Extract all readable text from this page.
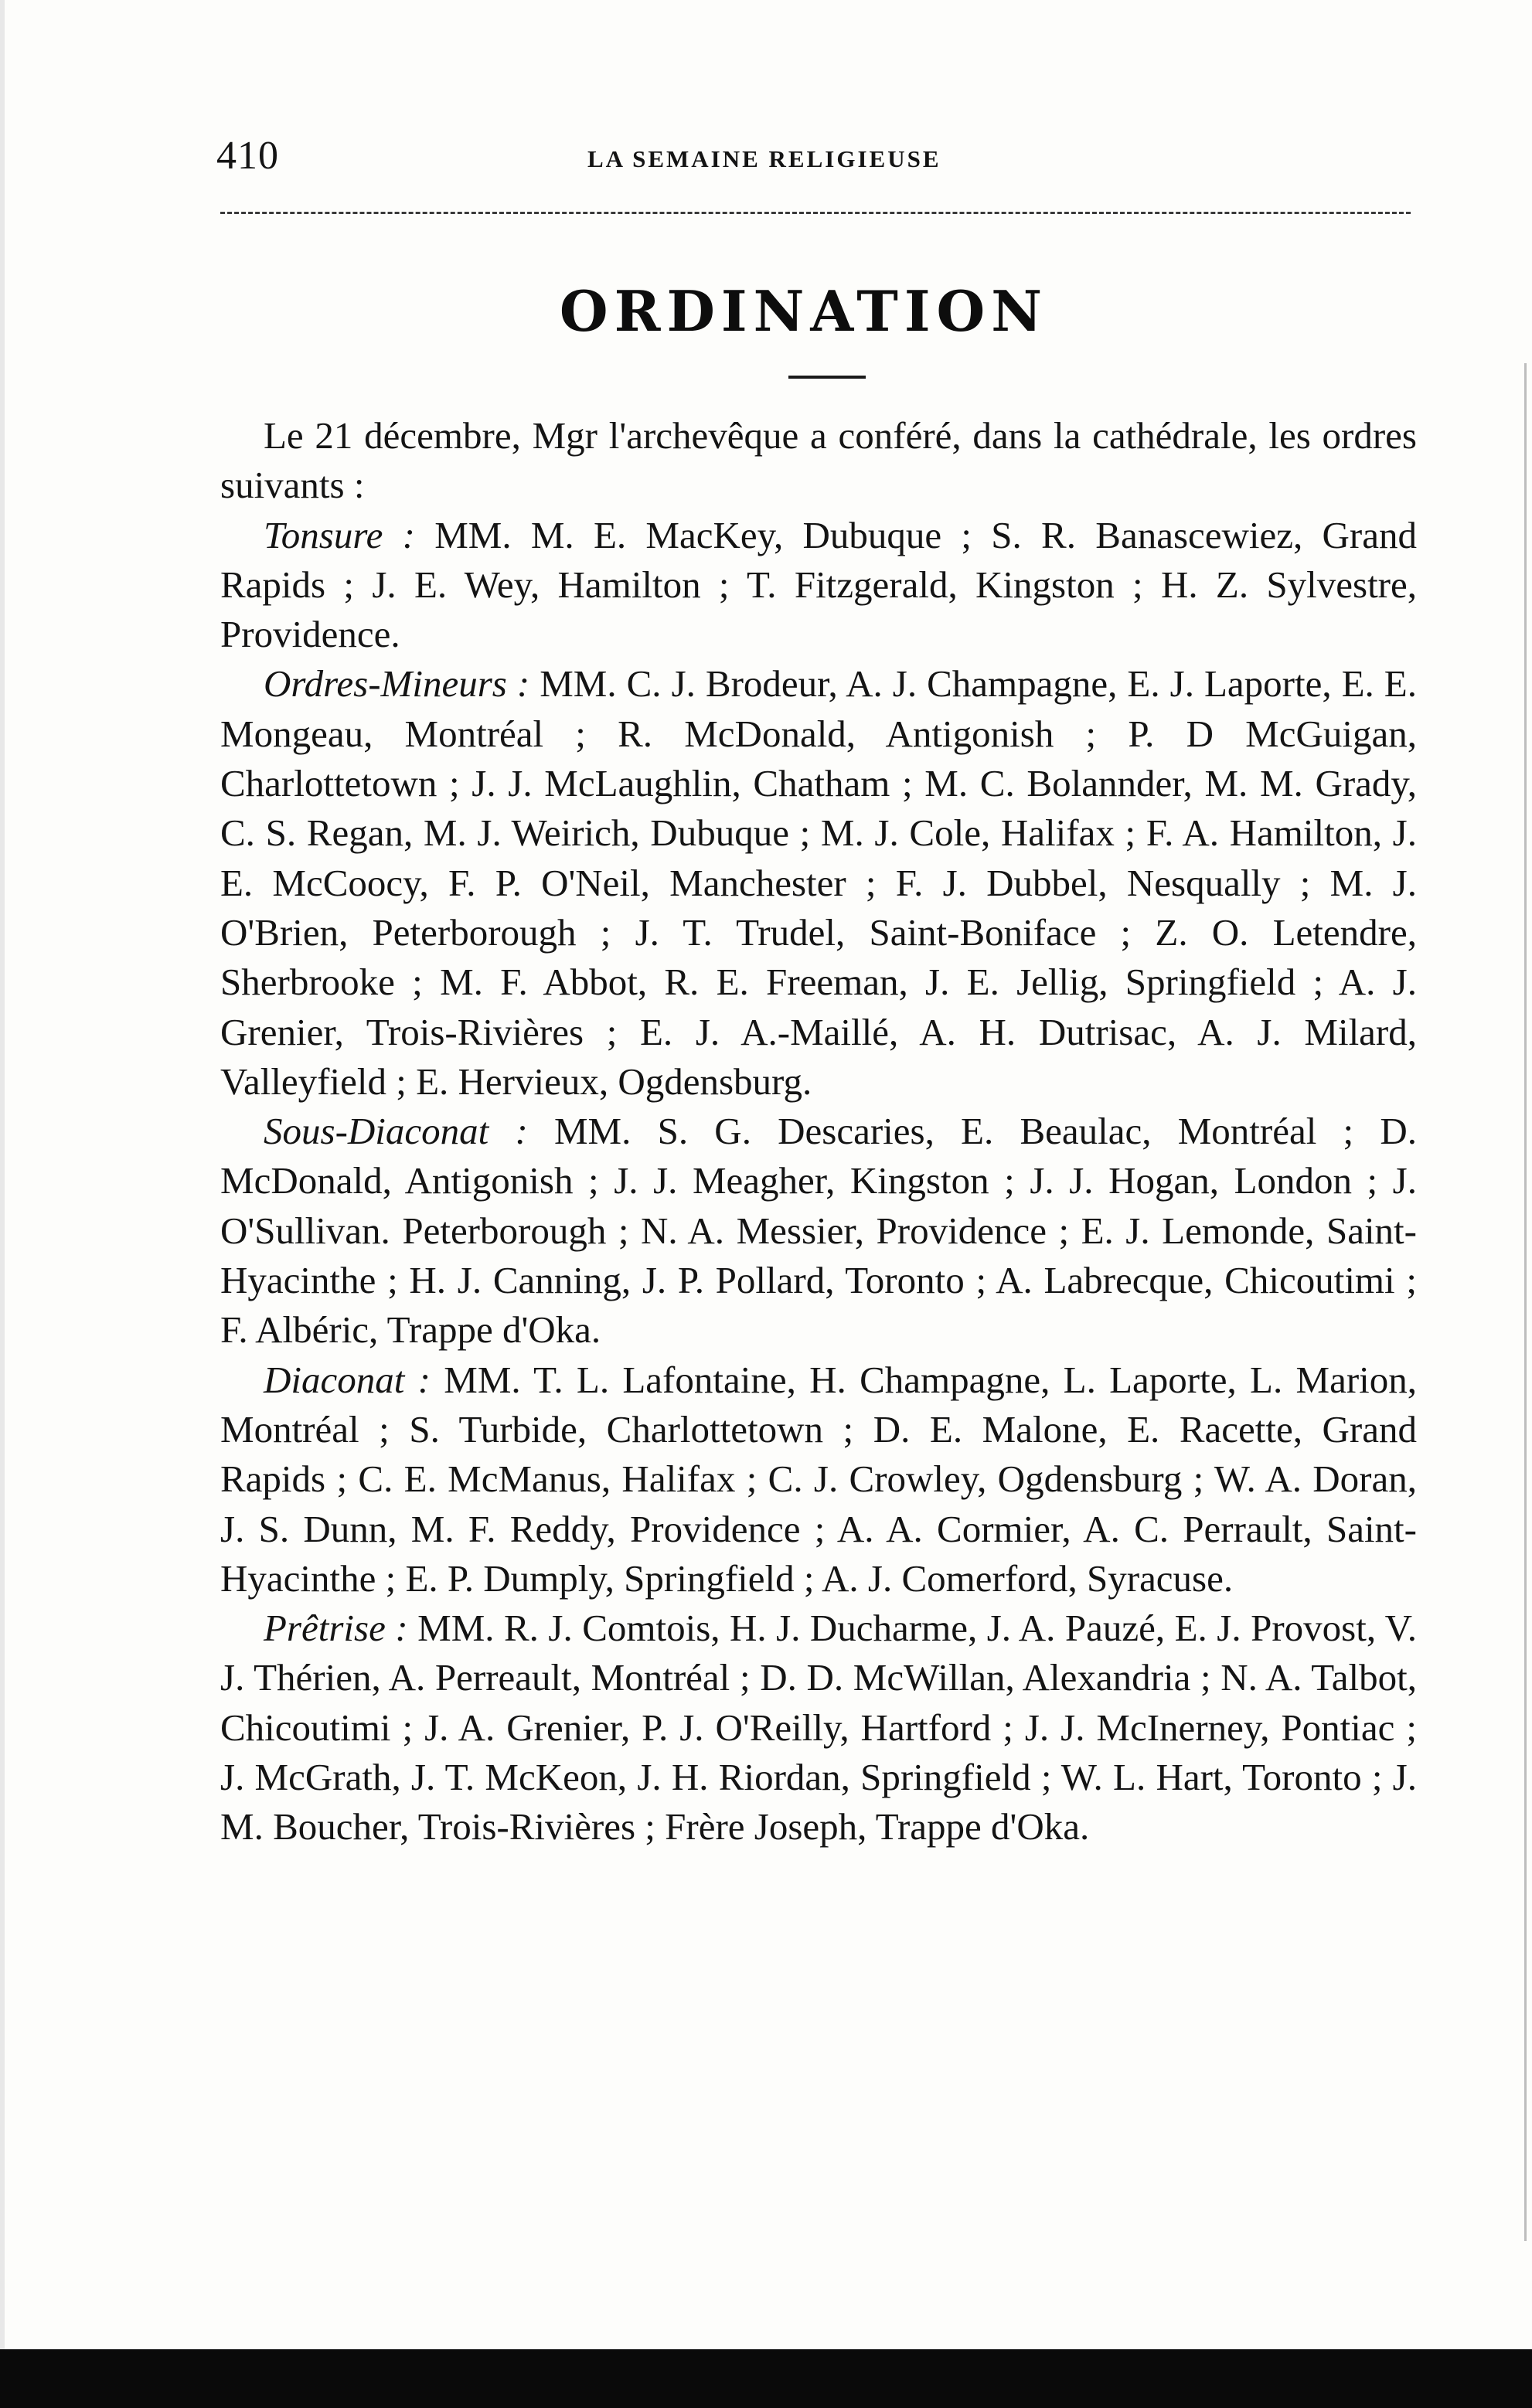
410	LA SEMAINE RELIGIEUSE
ORDINATION

Le 21 décembre, Mgr l'archevêque a conféré, dans la cathédrale, les ordres suivants :

Tonsure : MM. M. E. MacKey, Dubuque ; S. R. Banascewiez, Grand Rapids ; J. E. Wey, Hamilton ; T. Fitzgerald, Kingston ; H. Z. Sylvestre, Providence.

Ordres-Mineurs : MM. C. J. Brodeur, A. J. Champagne, E. J. Laporte, E. E. Mongeau, Montréal ; R. McDonald, Antigonish ; P. D McGuigan, Charlottetown ; J. J. McLaughlin, Chatham ; M. C. Bolannder, M. M. Grady, C. S. Regan, M. J. Weirich, Dubuque ; M. J. Cole, Halifax ; F. A. Hamilton, J. E. McCoocy, F. P. O'Neil, Manchester ; F. J. Dubbel, Nesqually ; M. J. O'Brien, Peterborough ; J. T. Trudel, Saint-Boniface ; Z. O. Letendre, Sherbrooke ; M. F. Abbot, R. E. Freeman, J. E. Jellig, Springfield ; A. J. Grenier, Trois-Rivières ; E. J. A.-Maillé, A. H. Dutrisac, A. J. Milard, Valleyfield ; E. Hervieux, Ogdensburg.

Sous-Diaconat : MM. S. G. Descaries, E. Beaulac, Montréal ; D. McDonald, Antigonish ; J. J. Meagher, Kingston ; J. J. Hogan, London ; J. O'Sullivan. Peterborough ; N. A. Messier, Providence ; E. J. Lemonde, Saint-Hyacinthe ; H. J. Canning, J. P. Pollard, Toronto ; A. Labrecque, Chicoutimi ; F. Albéric, Trappe d'Oka.

Diaconat : MM. T. L. Lafontaine, H. Champagne, L. Laporte, L. Marion, Montréal ; S. Turbide, Charlottetown ; D. E. Malone, E. Racette, Grand Rapids ; C. E. McManus, Halifax ; C. J. Crowley, Ogdensburg ; W. A. Doran, J. S. Dunn, M. F. Reddy, Providence ; A. A. Cormier, A. C. Perrault, Saint-Hyacinthe ; E. P. Dumply, Springfield ; A. J. Comerford, Syracuse.

Prêtrise : MM. R. J. Comtois, H. J. Ducharme, J. A. Pauzé, E. J. Provost, V. J. Thérien, A. Perreault, Montréal ; D. D. McWillan, Alexandria ; N. A. Talbot, Chicoutimi ; J. A. Grenier, P. J. O'Reilly, Hartford ; J. J. McInerney, Pontiac ; J. McGrath, J. T. McKeon, J. H. Riordan, Springfield ; W. L. Hart, Toronto ; J. M. Boucher, Trois-Rivières ; Frère Joseph, Trappe d'Oka.
